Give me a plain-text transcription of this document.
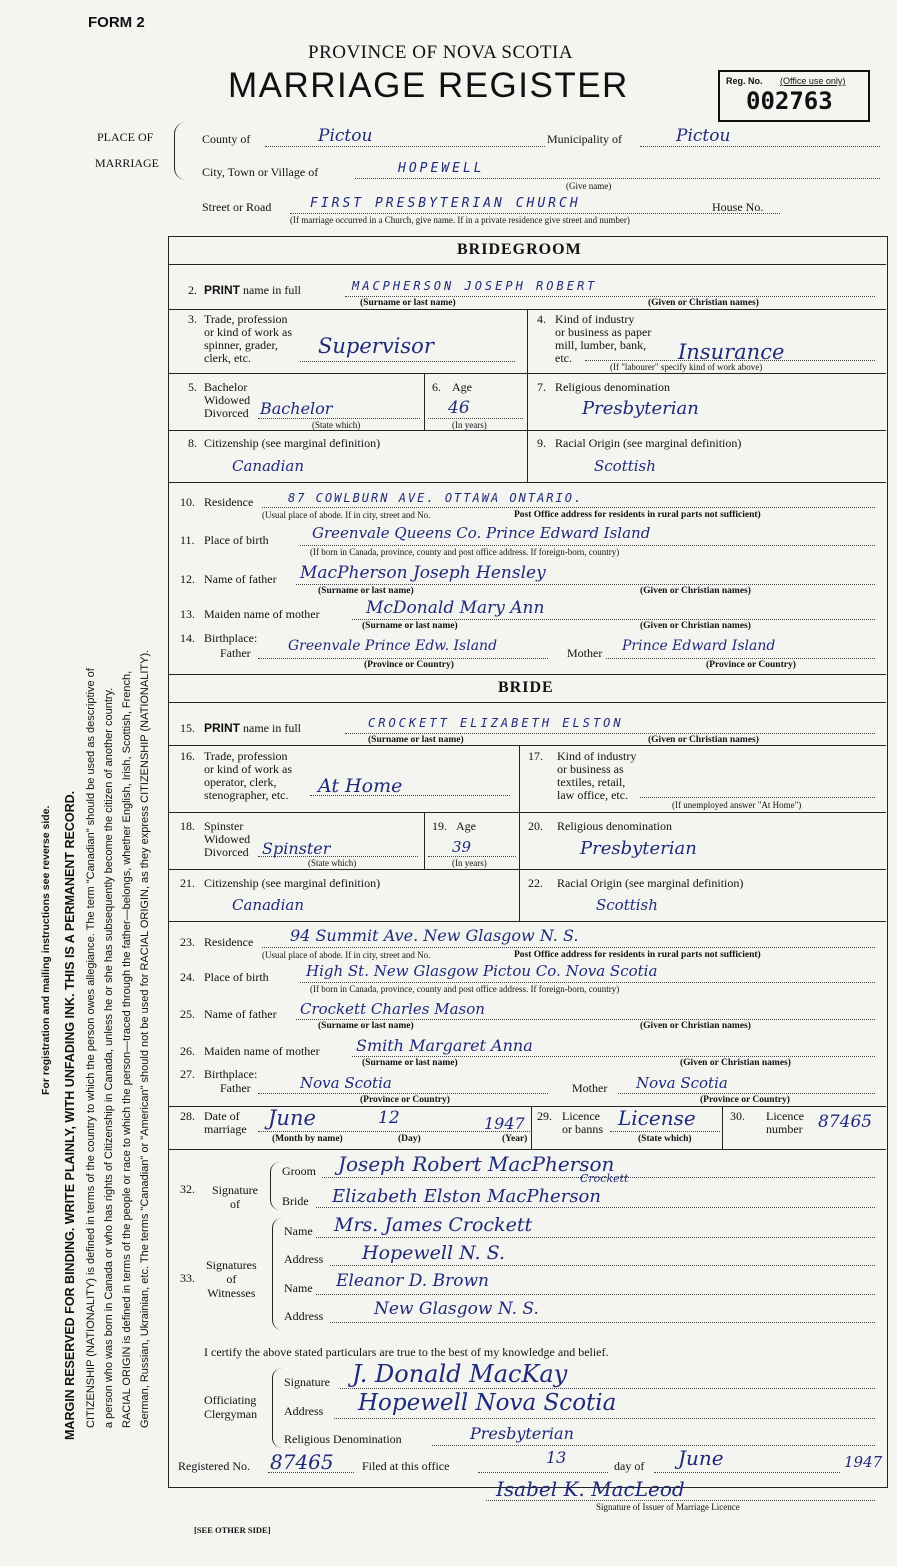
FORM 2
PROVINCE OF NOVA SCOTIA
MARRIAGE REGISTER	Reg. No. (Office use only)
002763
PLACE OF
MARRIAGE
County of	Pictou	Municipality of	Pictou
City, Town or Village of	HOPEWELL
(Give name)
Street or Road	FIRST PRESBYTERIAN CHURCH	House No.
(If marriage occurred in a Church, give name. If in a private residence give street and number)
For registration and mailing instructions see reverse side. MARGIN RESERVED FOR BINDING. WRITE PLAINLY, WITH UNFADING INK. THIS IS A PERMANENT RECORD. CITIZENSHIP (NATIONALITY) is defined in terms of the country to which the person owes allegiance. The term "Canadian" should be used as descriptive of a person who was born in Canada or who has rights of Citizenship in Canada, unless he or she has subsequently become the citizen of another country. RACIAL ORIGIN is defined in terms of the people or race to which the person—traced through the father—belongs, whether English, Irish, Scottish, French, German, Russian, Ukrainian, etc. The terms "Canadian" or "American" should not be used for RACIAL ORIGIN, as they express CITIZENSHIP (NATIONALITY).
BRIDEGROOM
2. PRINT name in full	MACPHERSON JOSEPH ROBERT
(Surname or last name)	(Given or Christian names)
3. Trade, profession
or kind of work as
spinner, grader,
clerk, etc.	Supervisor
4. Kind of industry
or business as paper
mill, lumber, bank,
etc.	Insurance
(If "labourer" specify kind of work above)
5. Bachelor
Widowed
Divorced Bachelor
(State which)
6. Age
46
(In years)
7. Religious denomination
Presbyterian
8. Citizenship (see marginal definition)
Canadian
9. Racial Origin (see marginal definition)
Scottish
10. Residence	87 COWLBURN AVE. OTTAWA ONTARIO.
(Usual place of abode. If in city, street and No.	Post Office address for residents in rural parts not sufficient)
11. Place of birth	Greenvale Queens Co. Prince Edward Island
(If born in Canada, province, county and post office address. If foreign-born, country)
12. Name of father MacPherson Joseph Hensley
(Surname or last name)	(Given or Christian names)
13. Maiden name of mother	McDonald Mary Ann
(Surname or last name)	(Given or Christian names)
14. Birthplace:
Father	Greenvale Prince Edw. Island	Mother Prince Edward Island
(Province or Country)	(Province or Country)
BRIDE
15. PRINT name in full	CROCKETT ELIZABETH ELSTON
(Surname or last name)	(Given or Christian names)
16. Trade, profession
or kind of work as
operator, clerk,
stenographer, etc. At Home
17. Kind of industry
or business as
textiles, retail,
law office, etc.
(If unemployed answer "At Home")
18. Spinster
Widowed
Divorced Spinster
(State which)
19. Age
39
(In years)
20. Religious denomination
Presbyterian
21. Citizenship (see marginal definition)
Canadian
22. Racial Origin (see marginal definition)
Scottish
23. Residence 94 Summit Ave. New Glasgow N. S.
(Usual place of abode. If in city, street and No.	Post Office address for residents in rural parts not sufficient)
24. Place of birth High St. New Glasgow Pictou Co. Nova Scotia
(If born in Canada, province, county and post office address. If foreign-born, country)
25. Name of father Crockett Charles Mason
(Surname or last name)	(Given or Christian names)
26. Maiden name of mother Smith Margaret Anna
(Surname or last name)	(Given or Christian names)
27. Birthplace:
Father	Nova Scotia	Mother Nova Scotia
(Province or Country)	(Province or Country)
28. Date of
marriage June	12	1947
(Month by name)	(Day)	(Year)
29. Licence
or banns License
(State which)
30. Licence
number 87465
32. Signature
of
Groom Joseph Robert MacPherson
Bride
Crockett
Elizabeth Elston MacPherson
33.
Signatures
of
Witnesses
Name Mrs. James Crockett
Address Hopewell N. S.
Name Eleanor D. Brown
Address	New Glasgow N. S.
I certify the above stated particulars are true to the best of my knowledge and belief.
Officiating
Clergyman
Signature J. Donald MacKay
Address Hopewell Nova Scotia
Religious Denomination	Presbyterian
Registered No. 87465 Filed at this office	13	day of June	1947
Isabel K. MacLeod
Signature of Issuer of Marriage Licence
[SEE OTHER SIDE]
